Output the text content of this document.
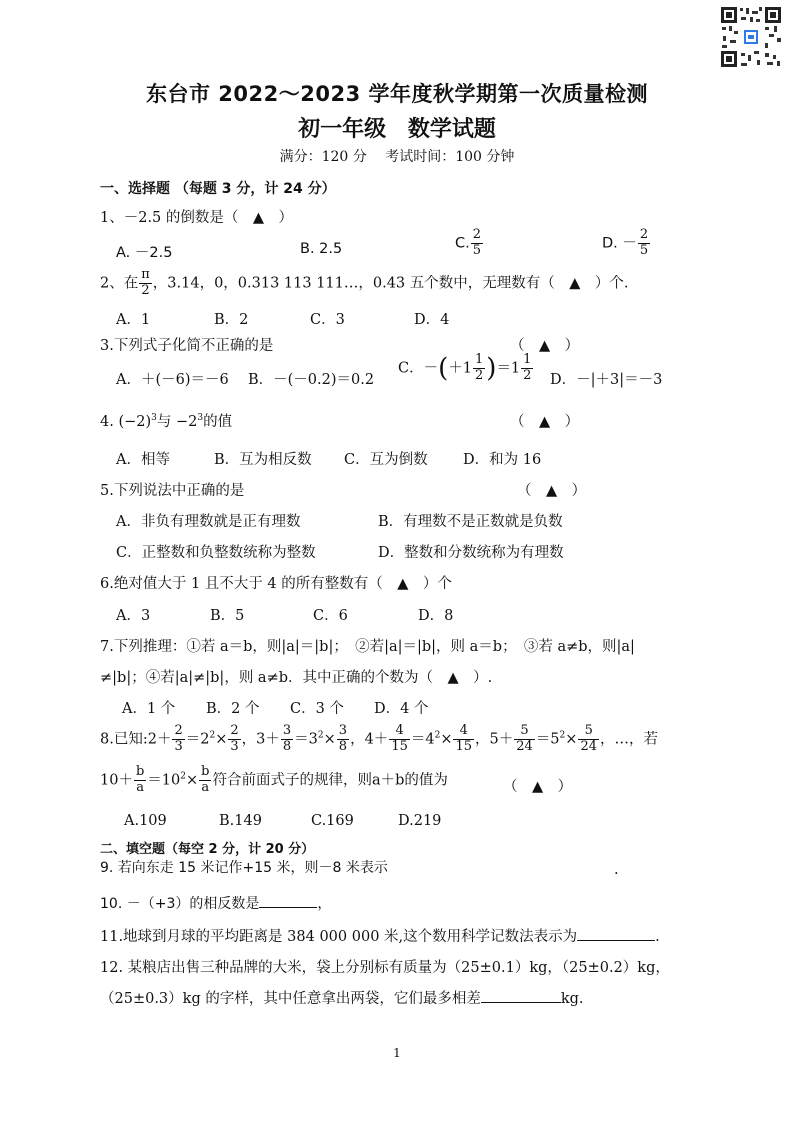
东台市 2022～2023 学年度秋学期第一次质量检测
初一年级 数学试题
满分：120 分　 考试时间：100 分钟
一、选择题 （每题 3 分，计 24 分）
1、－2.5 的倒数是（　▲　）
A. －2.5	B. 2.5	C. $\frac{2}{5}$	D. － $\frac{2}{5}$
2、在 $\frac{\pi}{2}$ ，3.14，0，0.313 113 111…，0.43 五个数中，无理数有（　▲　）个.
A．1	B．2	C．3	D．4
3.下列式子化简不正确的是	（　▲　）
A．＋(－6)＝－6 B．－(－0.2)＝0.2
C．$-(+1 \frac{1}{2} )=1 \frac{1}{2}$ D．－|＋3|＝－3
4. $(-2)^3$与 $-2^3$的值	（　▲　）
A．相等	B．互为相反数 C．互为倒数 D．和为 16
5.下列说法中正确的是	（　▲　）
A．非负有理数就是正有理数	B．有理数不是正数就是负数
C．正整数和负整数统称为整数	D．整数和分数统称为有理数
6.绝对值大于 1 且不大于 4 的所有整数有（　▲　）个
A．3	B．5	C．6	D．8
7.下列推理：①若 a＝b，则|a|＝|b|；　②若|a|＝|b|，则 a＝b；　③若 a≠b，则|a|
≠|b|；④若|a|≠|b|，则 a≠b．其中正确的个数为（　▲　）.
A．1 个 B．2 个 C．3 个 D．4 个
8.已知:2＋ $\frac{2}{3} =2^2\times \frac{2}{3}$ ，$3+ \frac{3}{8} =3^2\times \frac{3}{8}$ ，$4+ \frac{4}{15} =4^2\times \frac{4}{15}$ ，$5+ \frac{5}{24} =5^2\times \frac{5}{24}$ ，…，若
$10+ \frac{b}{a} =10^2\times \frac{b}{a}$ 符合前面式子的规律，则a＋b的值为	（　▲　）
A.109	B.149	C.169	D.219
二、填空题（每空 2 分，计 20 分）
9. 若向东走 15 米记作+15 米，则－8 米表示	.
10. －（+3）的相反数是	，
11.地球到月球的平均距离是 384 000 000 米,这个数用科学记数法表示为	.
12. 某粮店出售三种品牌的大米，袋上分别标有质量为（25±0.1）kg，（25±0.2）kg，
（25±0.3）kg 的字样，其中任意拿出两袋，它们最多相差	kg.
1
